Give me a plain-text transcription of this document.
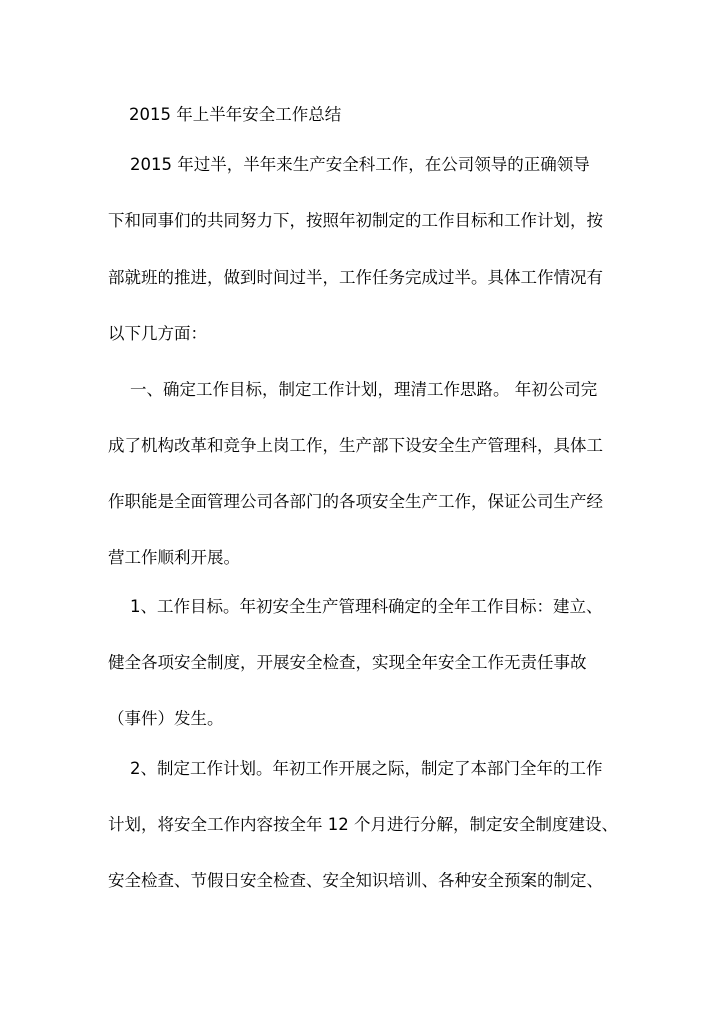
2015 年上半年安全工作总结
2015 年过半，半年来生产安全科工作，在公司领导的正确领导
下和同事们的共同努力下，按照年初制定的工作目标和工作计划，按
部就班的推进，做到时间过半，工作任务完成过半。具体工作情况有
以下几方面：
一、确定工作目标，制定工作计划，理清工作思路。 年初公司完
成了机构改革和竞争上岗工作，生产部下设安全生产管理科，具体工
作职能是全面管理公司各部门的各项安全生产工作，保证公司生产经
营工作顺利开展。
1、工作目标。年初安全生产管理科确定的全年工作目标：建立、
健全各项安全制度，开展安全检查，实现全年安全工作无责任事故
（事件）发生。
2、制定工作计划。年初工作开展之际，制定了本部门全年的工作
计划，将安全工作内容按全年 12 个月进行分解，制定安全制度建设、
安全检查、节假日安全检查、安全知识培训、各种安全预案的制定、
